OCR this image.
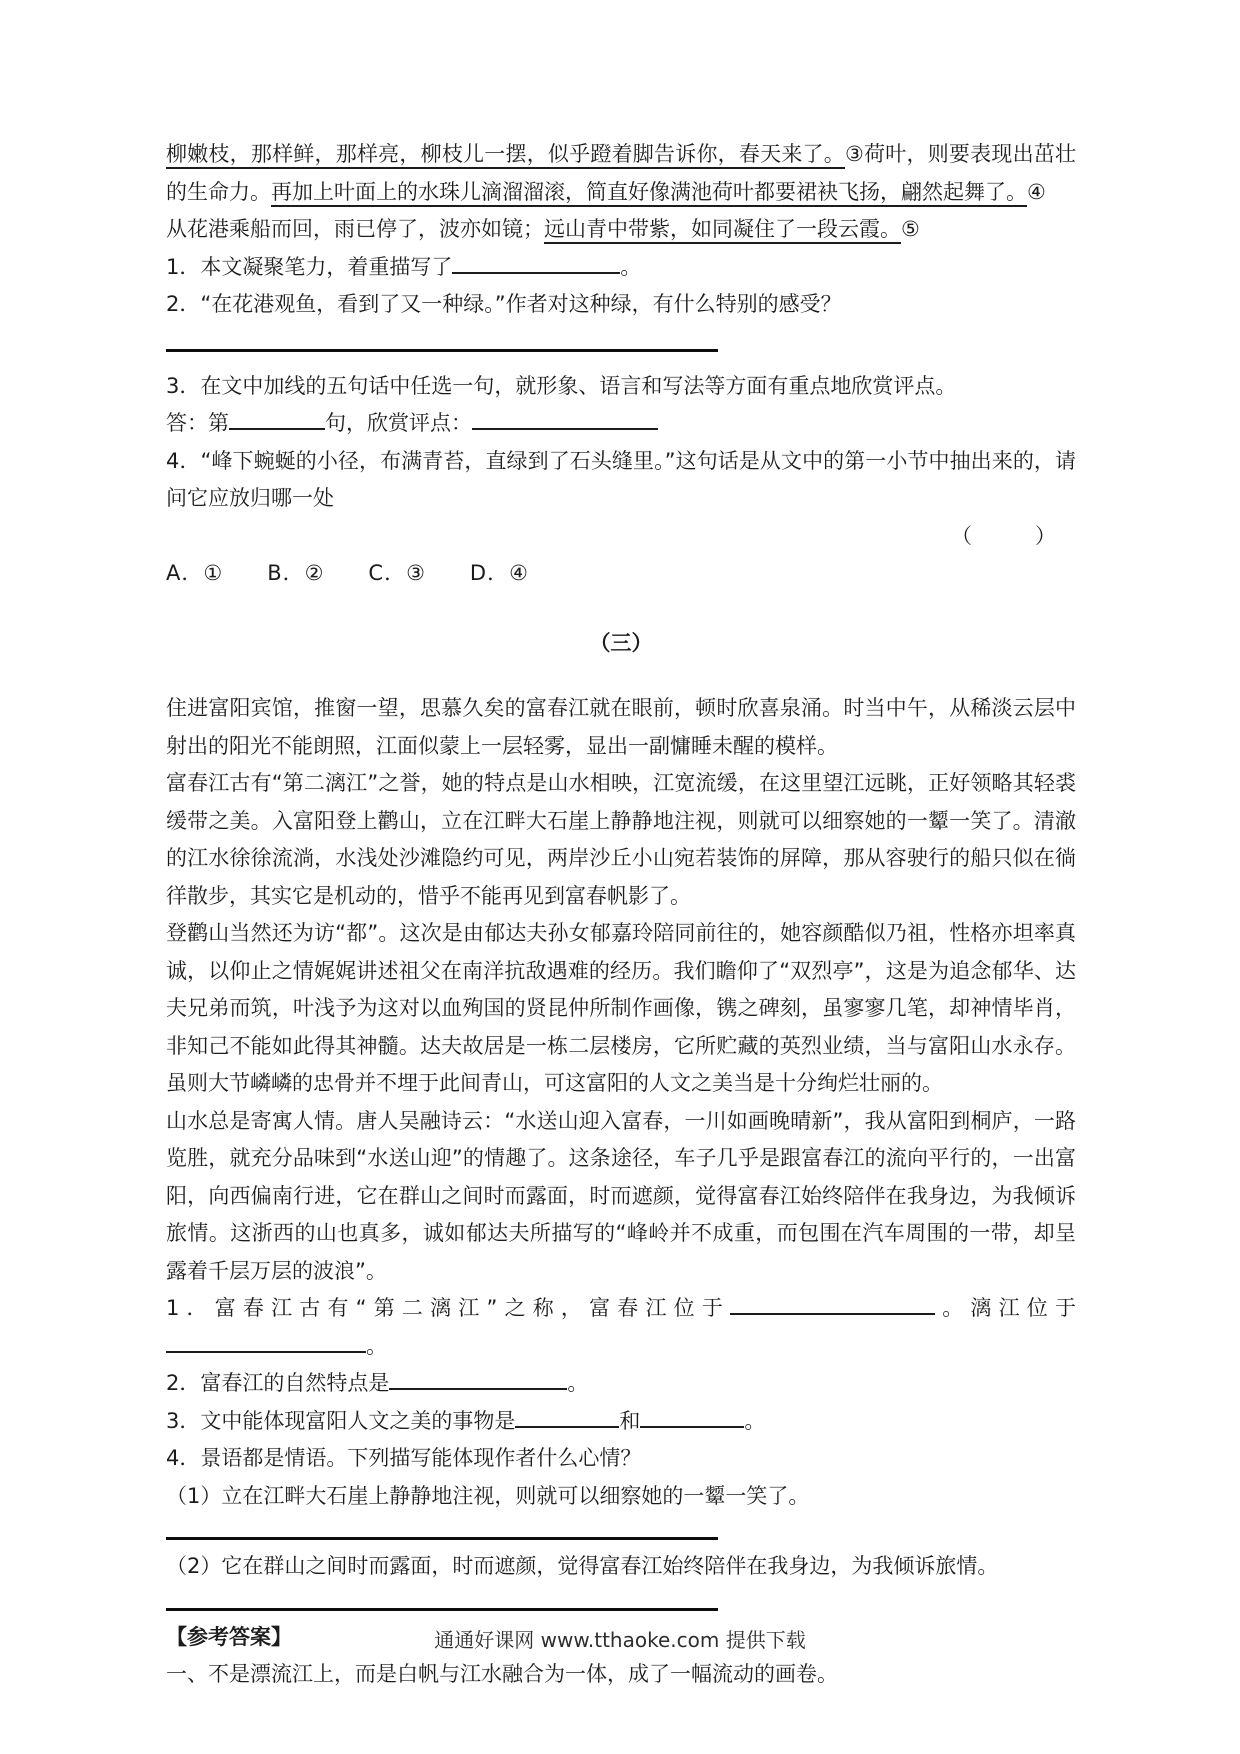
柳嫩枝，那样鲜，那样亮，柳枝儿一摆，似乎蹬着脚告诉你，春天来了。③荷叶，则要表现出茁壮的生命力。再加上叶面上的水珠儿滴溜溜滚，简直好像满池荷叶都要裙袂飞扬，翩然起舞了。④

从花港乘船而回，雨已停了，波亦如镜；远山青中带紫，如同凝住了一段云霞。⑤

1．本文凝聚笔力，着重描写了	。

2．“在花港观鱼，看到了又一种绿。”作者对这种绿，有什么特别的感受？

3．在文中加线的五句话中任选一句，就形象、语言和写法等方面有重点地欣赏评点。

答：第	句，欣赏评点：

4．“峰下蜿蜒的小径，布满青苔，直绿到了石头缝里。”这句话是从文中的第一小节中抽出来的，请问它应放归哪一处

（　　　）

A．①　　B．②　　C．③　　D．④

（三）

住进富阳宾馆，推窗一望，思慕久矣的富春江就在眼前，顿时欣喜泉涌。时当中午，从稀淡云层中射出的阳光不能朗照，江面似蒙上一层轻雾，显出一副慵睡未醒的模样。

富春江古有“第二漓江”之誉，她的特点是山水相映，江宽流缓，在这里望江远眺，正好领略其轻裘缓带之美。入富阳登上鹳山，立在江畔大石崖上静静地注视，则就可以细察她的一颦一笑了。清澈的江水徐徐流淌，水浅处沙滩隐约可见，两岸沙丘小山宛若装饰的屏障，那从容驶行的船只似在徜徉散步，其实它是机动的，惜乎不能再见到富春帆影了。

登鹳山当然还为访“都”。这次是由郁达夫孙女郁嘉玲陪同前往的，她容颜酷似乃祖，性格亦坦率真诚，以仰止之情娓娓讲述祖父在南洋抗敌遇难的经历。我们瞻仰了“双烈亭”，这是为追念郁华、达夫兄弟而筑，叶浅予为这对以血殉国的贤昆仲所制作画像，镌之碑刻，虽寥寥几笔，却神情毕肖，非知己不能如此得其神髓。达夫故居是一栋二层楼房，它所贮藏的英烈业绩，当与富阳山水永存。虽则大节嶙嶙的忠骨并不埋于此间青山，可这富阳的人文之美当是十分绚烂壮丽的。

山水总是寄寓人情。唐人吴融诗云：“水送山迎入富春，一川如画晚晴新”，我从富阳到桐庐，一路览胜，就充分品味到“水送山迎”的情趣了。这条途径，车子几乎是跟富春江的流向平行的，一出富阳，向西偏南行进，它在群山之间时而露面，时而遮颜，觉得富春江始终陪伴在我身边，为我倾诉旅情。这浙西的山也真多，诚如郁达夫所描写的“峰岭并不成重，而包围在汽车周围的一带，却呈露着千层万层的波浪”。

1．富春江古有“第二漓江”之称，富春江位于	。漓江位于。

2．富春江的自然特点是	。

3．文中能体现富阳人文之美的事物是	和	。

4．景语都是情语。下列描写能体现作者什么心情？

（1）立在江畔大石崖上静静地注视，则就可以细察她的一颦一笑了。

（2）它在群山之间时而露面，时而遮颜，觉得富春江始终陪伴在我身边，为我倾诉旅情。

【参考答案】

一、不是漂流江上，而是白帆与江水融合为一体，成了一幅流动的画卷。

通通好课网 www.tthaoke.com 提供下载
